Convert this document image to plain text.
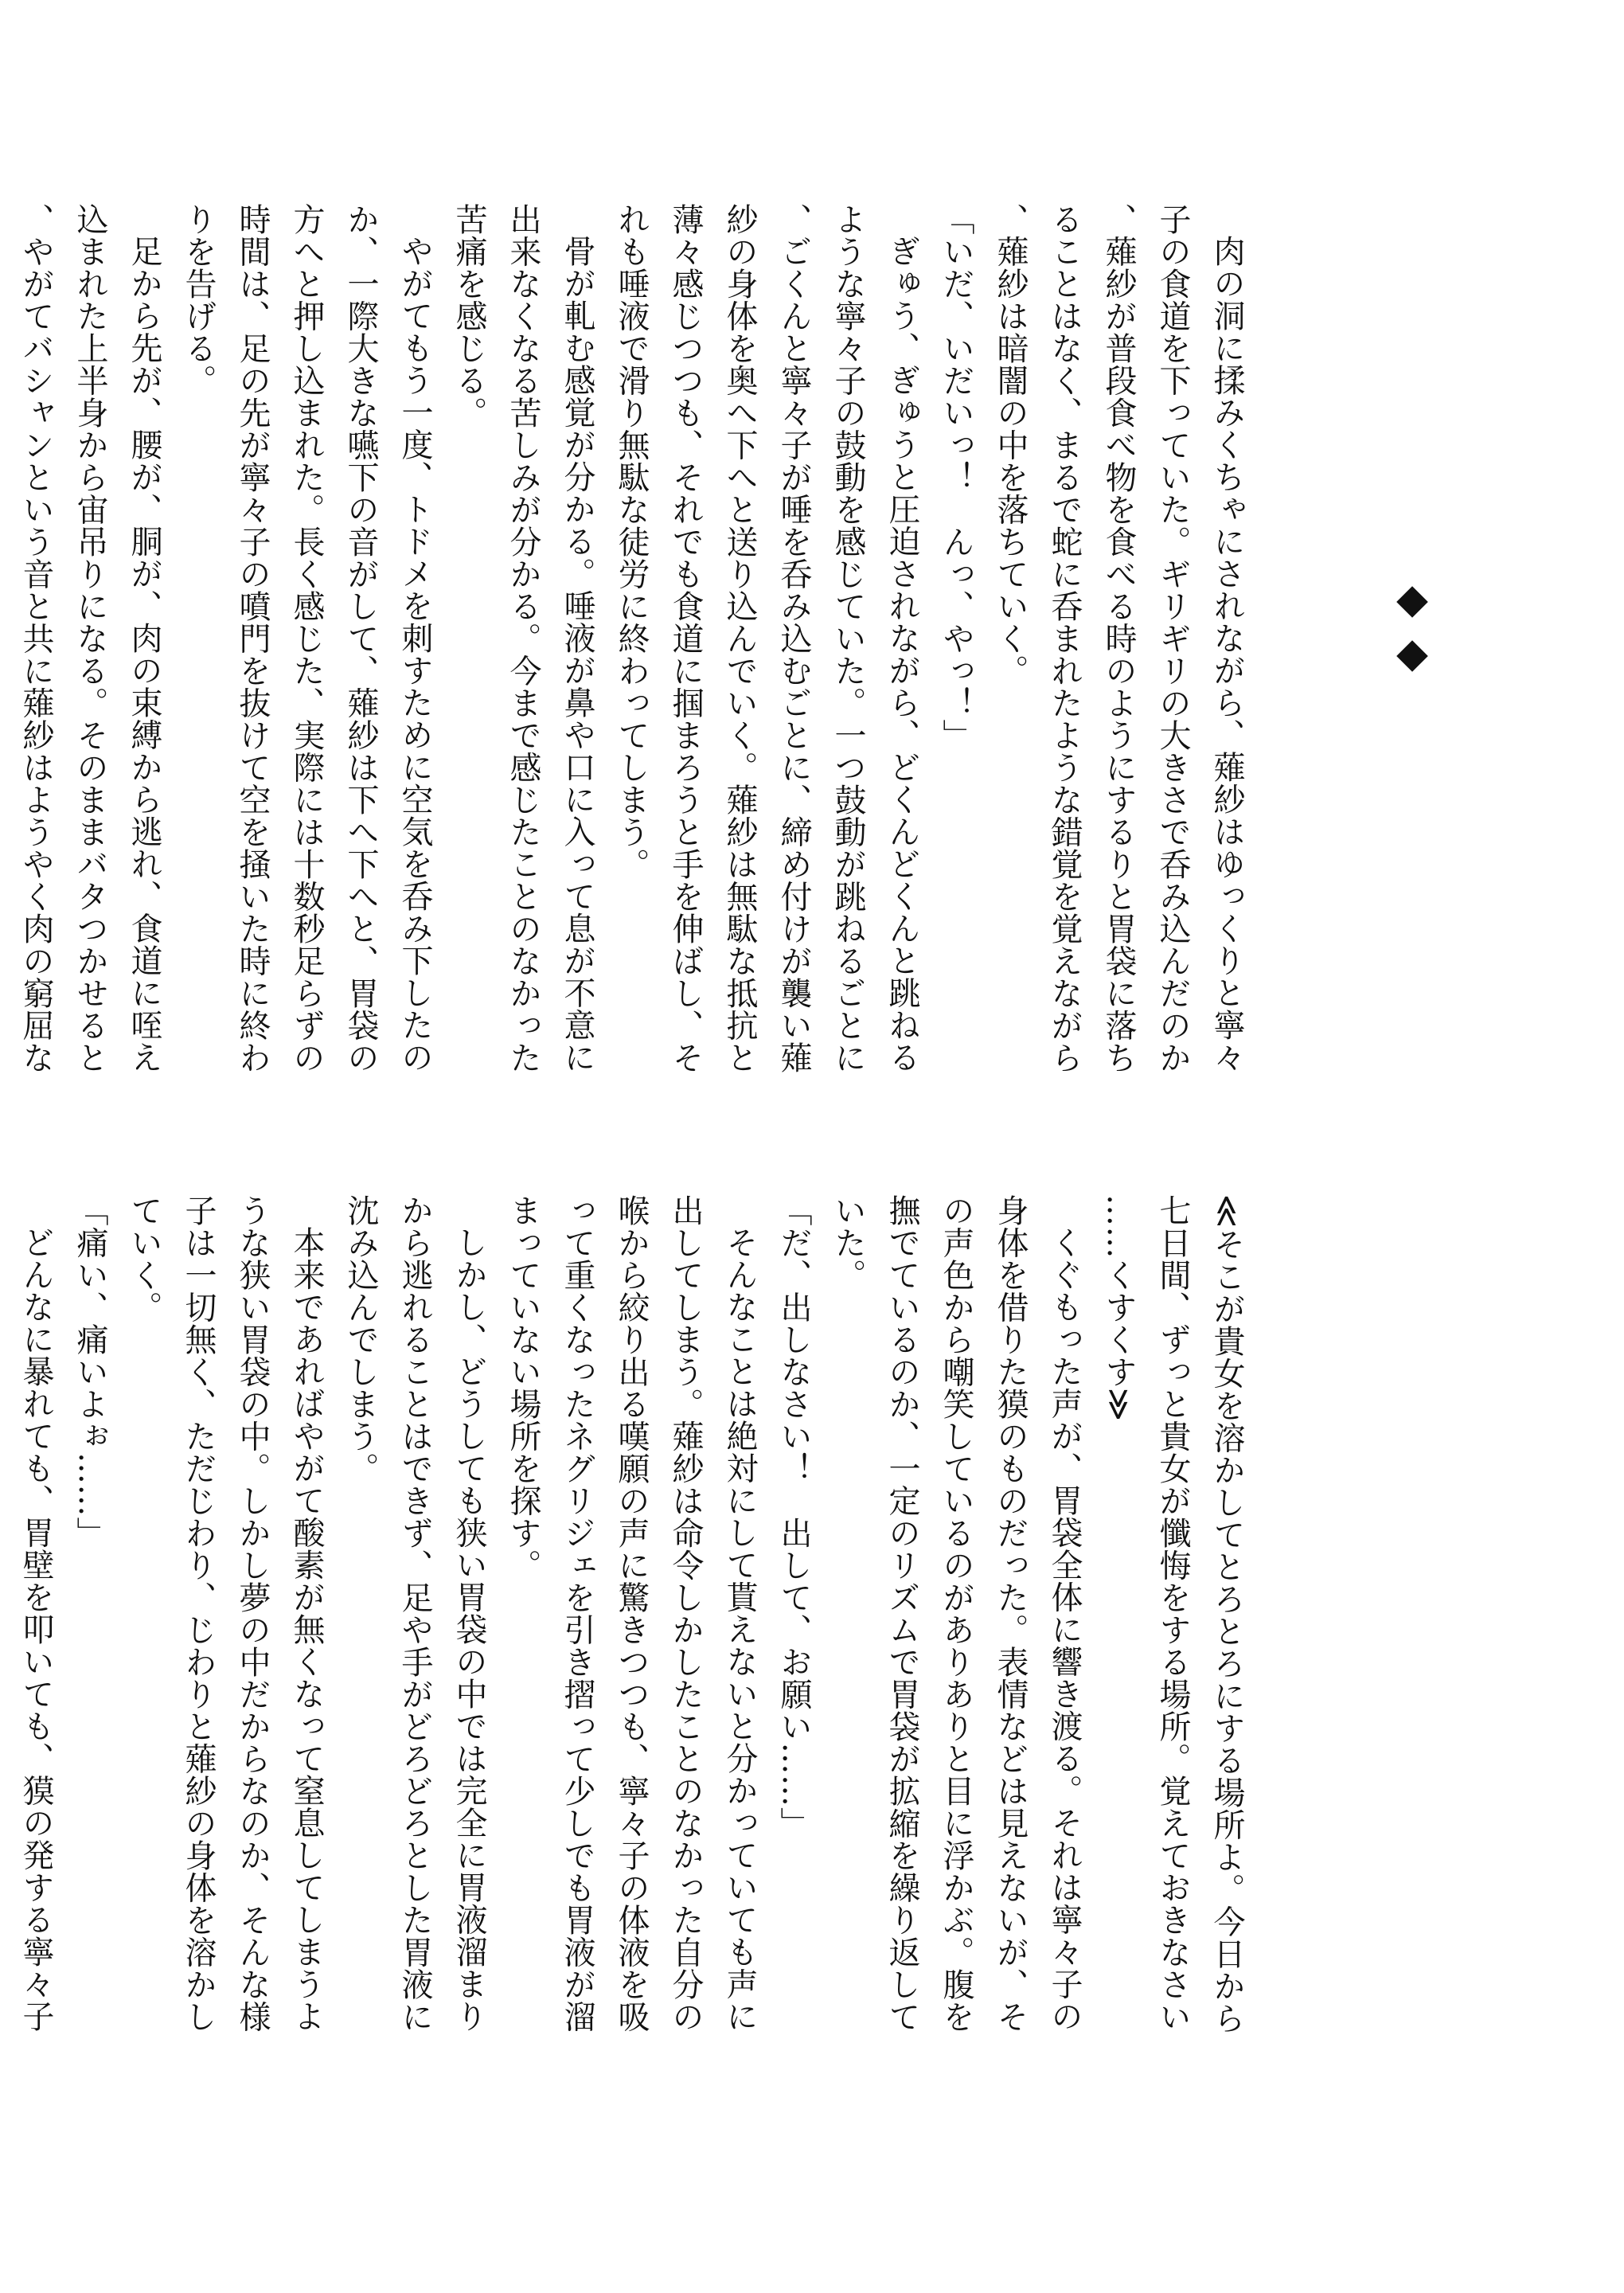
肉の洞に揉みくちゃにされながら、薙紗はゆっくりと寧々子の食道を下っていた。ギリギリの大きさで呑み込んだのか、薙紗が普段食べ物を食べる時のようにするりと胃袋に落ちることはなく、まるで蛇に呑まれたような錯覚を覚えながら、薙紗は暗闇の中を落ちていく。

「いだ、いだいっ！　んっ、やっ！」

ぎゅう、ぎゅうと圧迫されながら、どくんどくんと跳ねるような寧々子の鼓動を感じていた。一つ鼓動が跳ねるごとに、ごくんと寧々子が唾を呑み込むごとに、締め付けが襲い薙紗の身体を奥へ下へと送り込んでいく。薙紗は無駄な抵抗と薄々感じつつも、それでも食道に掴まろうと手を伸ばし、それも唾液で滑り無駄な徒労に終わってしまう。

骨が軋む感覚が分かる。唾液が鼻や口に入って息が不意に出来なくなる苦しみが分かる。今まで感じたことのなかった苦痛を感じる。

やがてもう一度、トドメを刺すために空気を呑み下したのか、一際大きな嚥下の音がして、薙紗は下へ下へと、胃袋の方へと押し込まれた。長く感じた、実際には十数秒足らずの時間は、足の先が寧々子の噴門を抜けて空を掻いた時に終わりを告げる。

足から先が、腰が、胴が、肉の束縛から逃れ、食道に咥え込まれた上半身から宙吊りになる。そのままバタつかせると、やがてバシャンという音と共に薙紗はようやく肉の窮屈な

≪そこが貴女を溶かしてとろとろにする場所よ。今日から七日間、ずっと貴女が懺悔をする場所。覚えておきなさい……くすくす≫

くぐもった声が、胃袋全体に響き渡る。それは寧々子の身体を借りた獏のものだった。表情などは見えないが、その声色から嘲笑しているのがありありと目に浮かぶ。腹を撫でているのか、一定のリズムで胃袋が拡縮を繰り返していた。

「だ、出しなさい！　出して、お願い……」

そんなことは絶対にして貰えないと分かっていても声に出してしまう。薙紗は命令しかしたことのなかった自分の喉から絞り出る嘆願の声に驚きつつも、寧々子の体液を吸って重くなったネグリジェを引き摺って少しでも胃液が溜まっていない場所を探す。

しかし、どうしても狭い胃袋の中では完全に胃液溜まりから逃れることはできず、足や手がどろどろとした胃液に沈み込んでしまう。

本来であればやがて酸素が無くなって窒息してしまうような狭い胃袋の中。しかし夢の中だからなのか、そんな様子は一切無く、ただじわり、じわりと薙紗の身体を溶かしていく。

「痛い、痛いよぉ……」

どんなに暴れても、胃壁を叩いても、獏の発する寧々子
